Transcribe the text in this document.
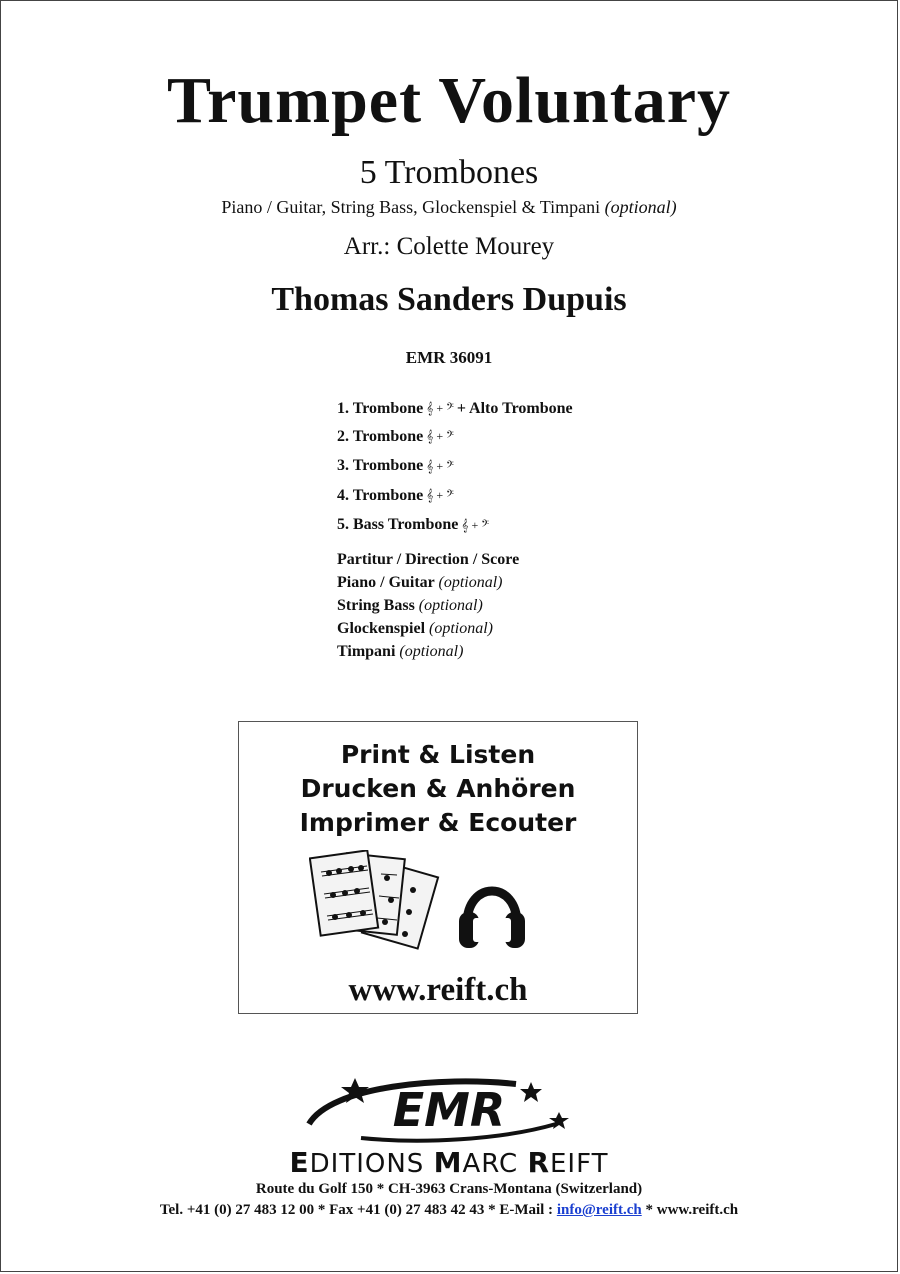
Trumpet Voluntary
5 Trombones
Piano / Guitar, String Bass, Glockenspiel & Timpani (optional)
Arr.: Colette Mourey
Thomas Sanders Dupuis
EMR 36091
1. Trombone 𝄞 + 𝄢 + Alto Trombone
2. Trombone 𝄞 + 𝄢
3. Trombone 𝄞 + 𝄢
4. Trombone 𝄞 + 𝄢
5. Bass Trombone 𝄞 + 𝄢
Partitur / Direction / Score
Piano / Guitar (optional)
String Bass (optional)
Glockenspiel (optional)
Timpani (optional)
Print & Listen
Drucken & Anhören
Imprimer & Ecouter
www.reift.ch
EMR
EDITIONS MARC REIFT
Route du Golf 150 * CH-3963 Crans-Montana (Switzerland)
Tel. +41 (0) 27 483 12 00 * Fax +41 (0) 27 483 42 43 * E-Mail : info@reift.ch * www.reift.ch
